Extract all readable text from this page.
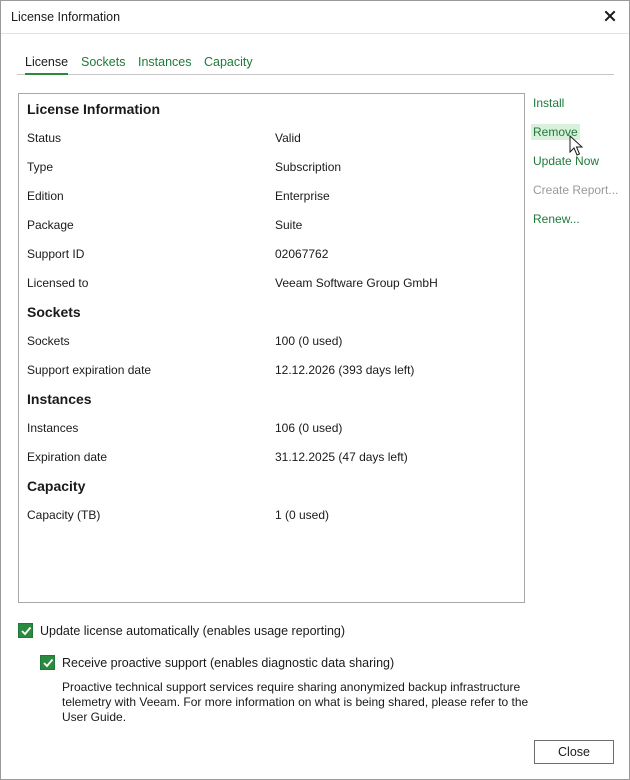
License Information
License Sockets Instances Capacity
License Information
Status	Valid
Type	Subscription
Edition	Enterprise
Package	Suite
Support ID	02067762
Licensed to	Veeam Software Group GmbH
Sockets
Sockets	100 (0 used)
Support expiration date	12.12.2026 (393 days left)
Instances
Instances	106 (0 used)
Expiration date	31.12.2025 (47 days left)
Capacity
Capacity (TB)	1 (0 used)
Install
Remove
Update Now
Create Report...
Renew...
Update license automatically (enables usage reporting)
Receive proactive support (enables diagnostic data sharing)

Proactive technical support services require sharing anonymized backup infrastructure telemetry with Veeam. For more information on what is being shared, please refer to the User Guide.

Close
